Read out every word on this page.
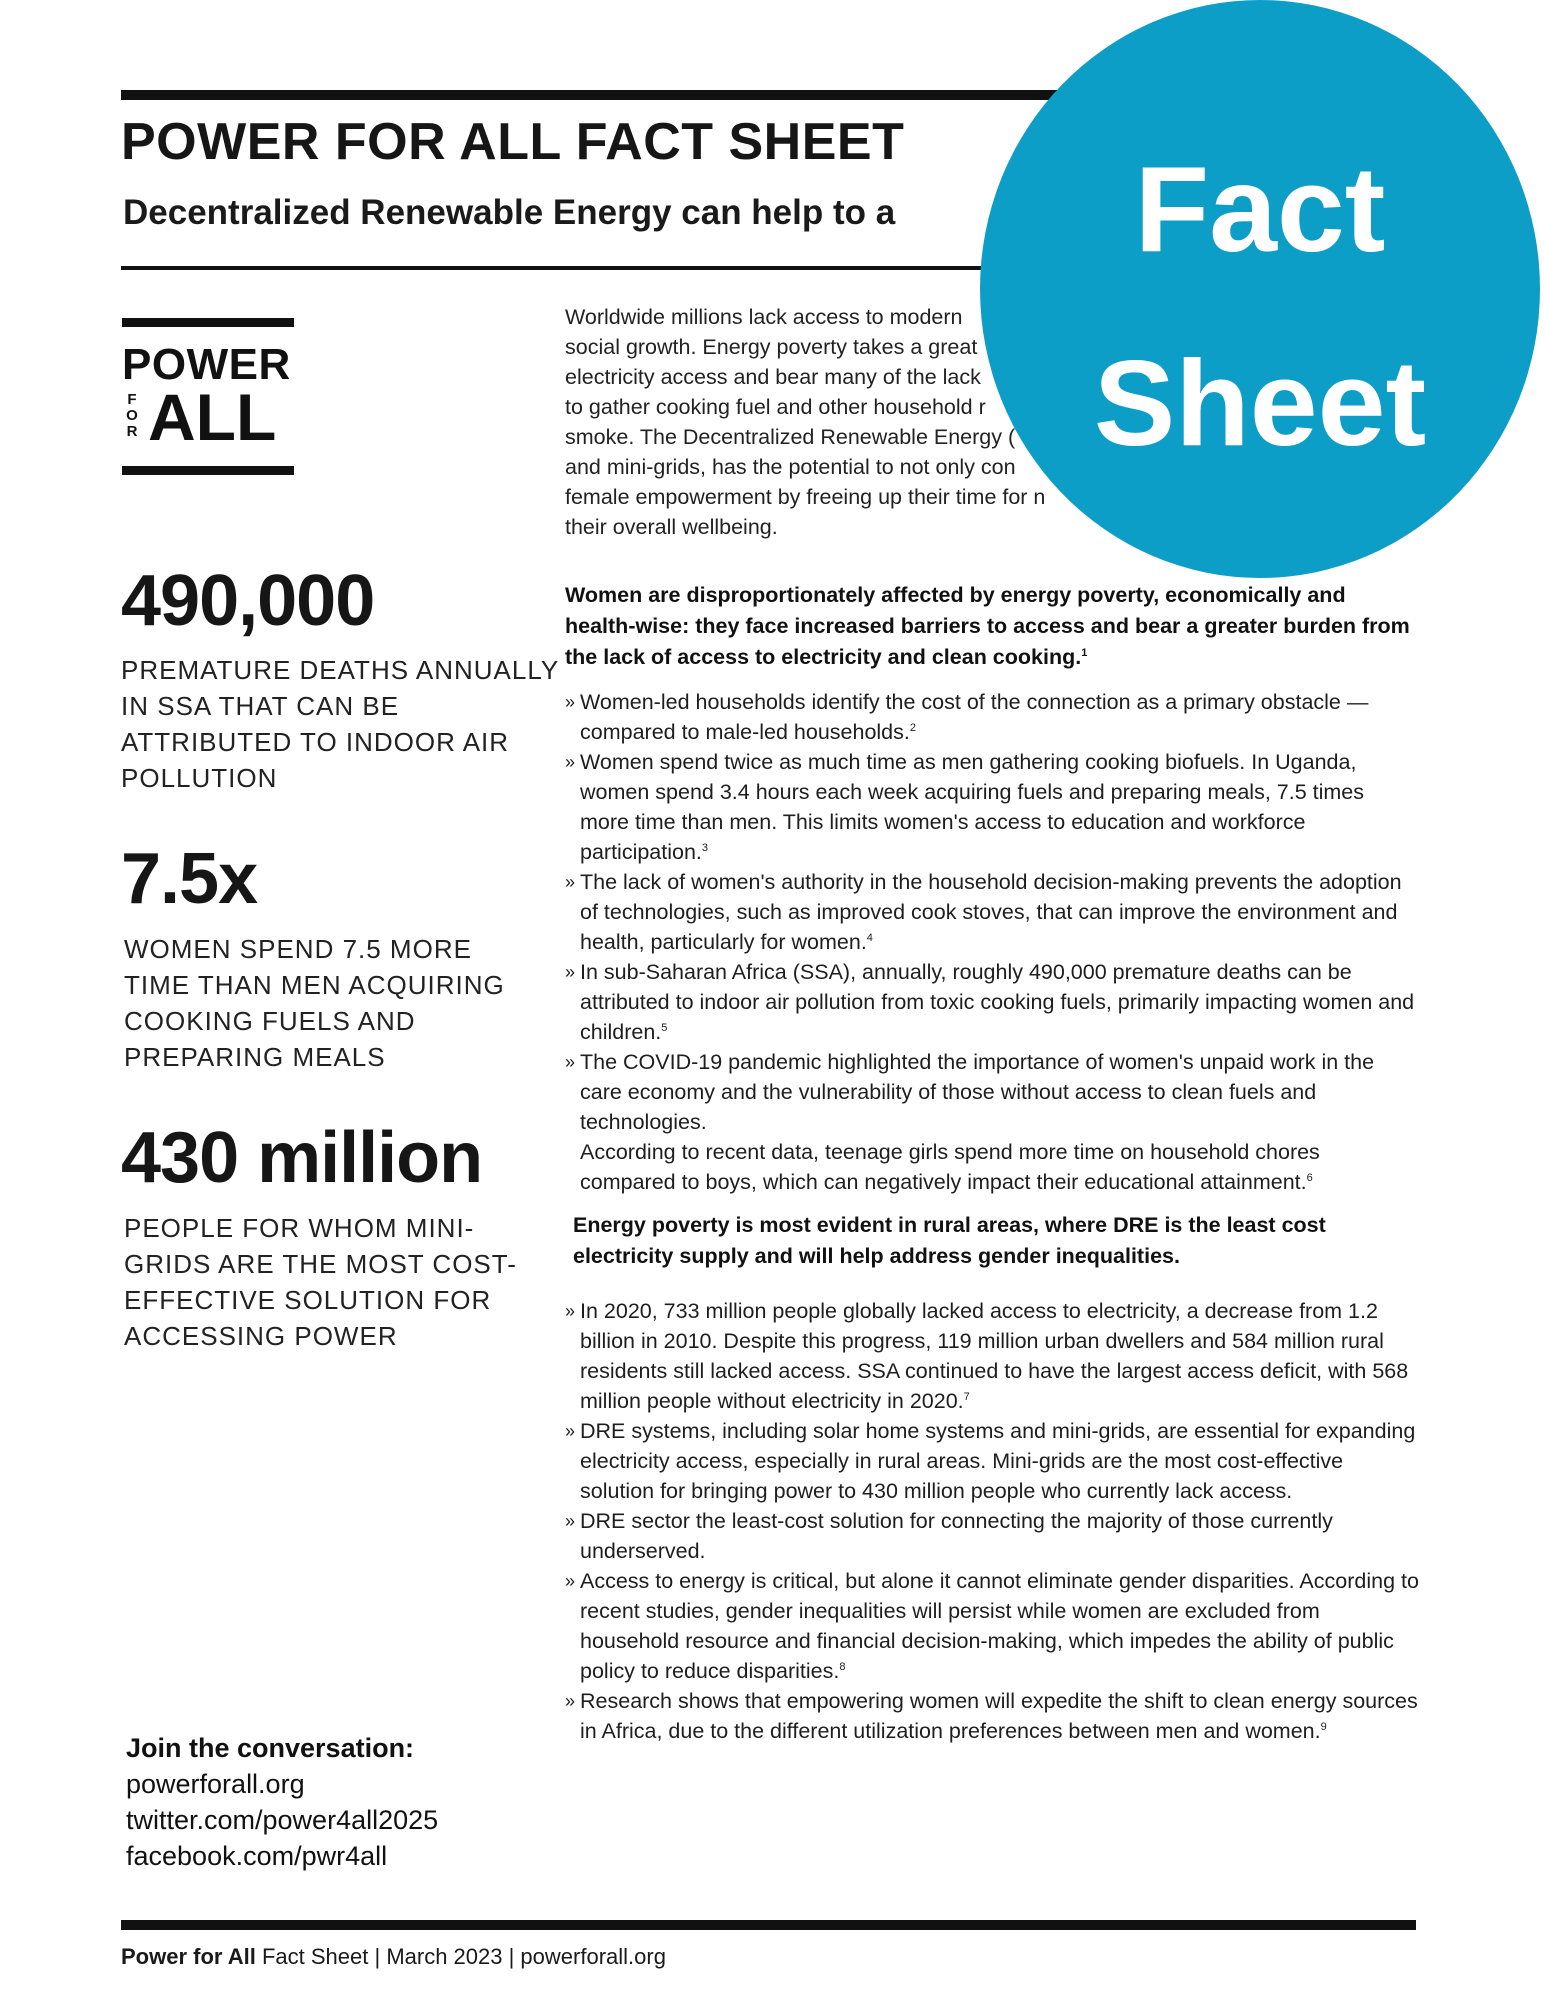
POWER FOR ALL FACT SHEET
Decentralized Renewable Energy can help to a	Fact
Sheet
POWER
F
O
R ALL

490,000

PREMATURE DEATHS ANNUALLY
IN SSA THAT CAN BE
ATTRIBUTED TO INDOOR AIR
POLLUTION

7.5x

WOMEN SPEND 7.5 MORE
TIME THAN MEN ACQUIRING
COOKING FUELS AND
PREPARING MEALS

430 million

PEOPLE FOR WHOM MINI-
GRIDS ARE THE MOST COST-
EFFECTIVE SOLUTION FOR
ACCESSING POWER

Worldwide millions lack access to modern
social growth. Energy poverty takes a great
electricity access and bear many of the lack
to gather cooking fuel and other household r
smoke. The Decentralized Renewable Energy (
and mini-grids, has the potential to not only con
female empowerment by freeing up their time for n
their overall wellbeing.

Women are disproportionately affected by energy poverty, economically and health-wise: they face increased barriers to access and bear a greater burden from the lack of access to electricity and clean cooking.$^1$

» Women-led households identify the cost of the connection as a primary obstacle —compared to male-led households.$^2$
» Women spend twice as much time as men gathering cooking biofuels. In Uganda, women spend 3.4 hours each week acquiring fuels and preparing meals, 7.5 times more time than men. This limits women's access to education and workforce participation.$^3$
» The lack of women's authority in the household decision-making prevents the adoption of technologies, such as improved cook stoves, that can improve the environment and health, particularly for women.$^4$
» In sub-Saharan Africa (SSA), annually, roughly 490,000 premature deaths can be attributed to indoor air pollution from toxic cooking fuels, primarily impacting women and children.$^5$
» The COVID-19 pandemic highlighted the importance of women's unpaid work in the care economy and the vulnerability of those without access to clean fuels and technologies.
According to recent data, teenage girls spend more time on household chores compared to boys, which can negatively impact their educational attainment.$^6$

Energy poverty is most evident in rural areas, where DRE is the least cost electricity supply and will help address gender inequalities.

» In 2020, 733 million people globally lacked access to electricity, a decrease from 1.2 billion in 2010. Despite this progress, 119 million urban dwellers and 584 million rural residents still lacked access. SSA continued to have the largest access deficit, with 568 million people without electricity in 2020.$^7$
» DRE systems, including solar home systems and mini-grids, are essential for expanding electricity access, especially in rural areas. Mini-grids are the most cost-effective solution for bringing power to 430 million people who currently lack access.
» DRE sector the least-cost solution for connecting the majority of those currently underserved.
» Access to energy is critical, but alone it cannot eliminate gender disparities. According to recent studies, gender inequalities will persist while women are excluded from household resource and financial decision-making, which impedes the ability of public policy to reduce disparities.$^8$
» Research shows that empowering women will expedite the shift to clean energy sources in Africa, due to the different utilization preferences between men and women.$^9$
Join the conversation:
powerforall.org
twitter.com/power4all2025
facebook.com/pwr4all
Power for All Fact Sheet | March 2023 | powerforall.org
